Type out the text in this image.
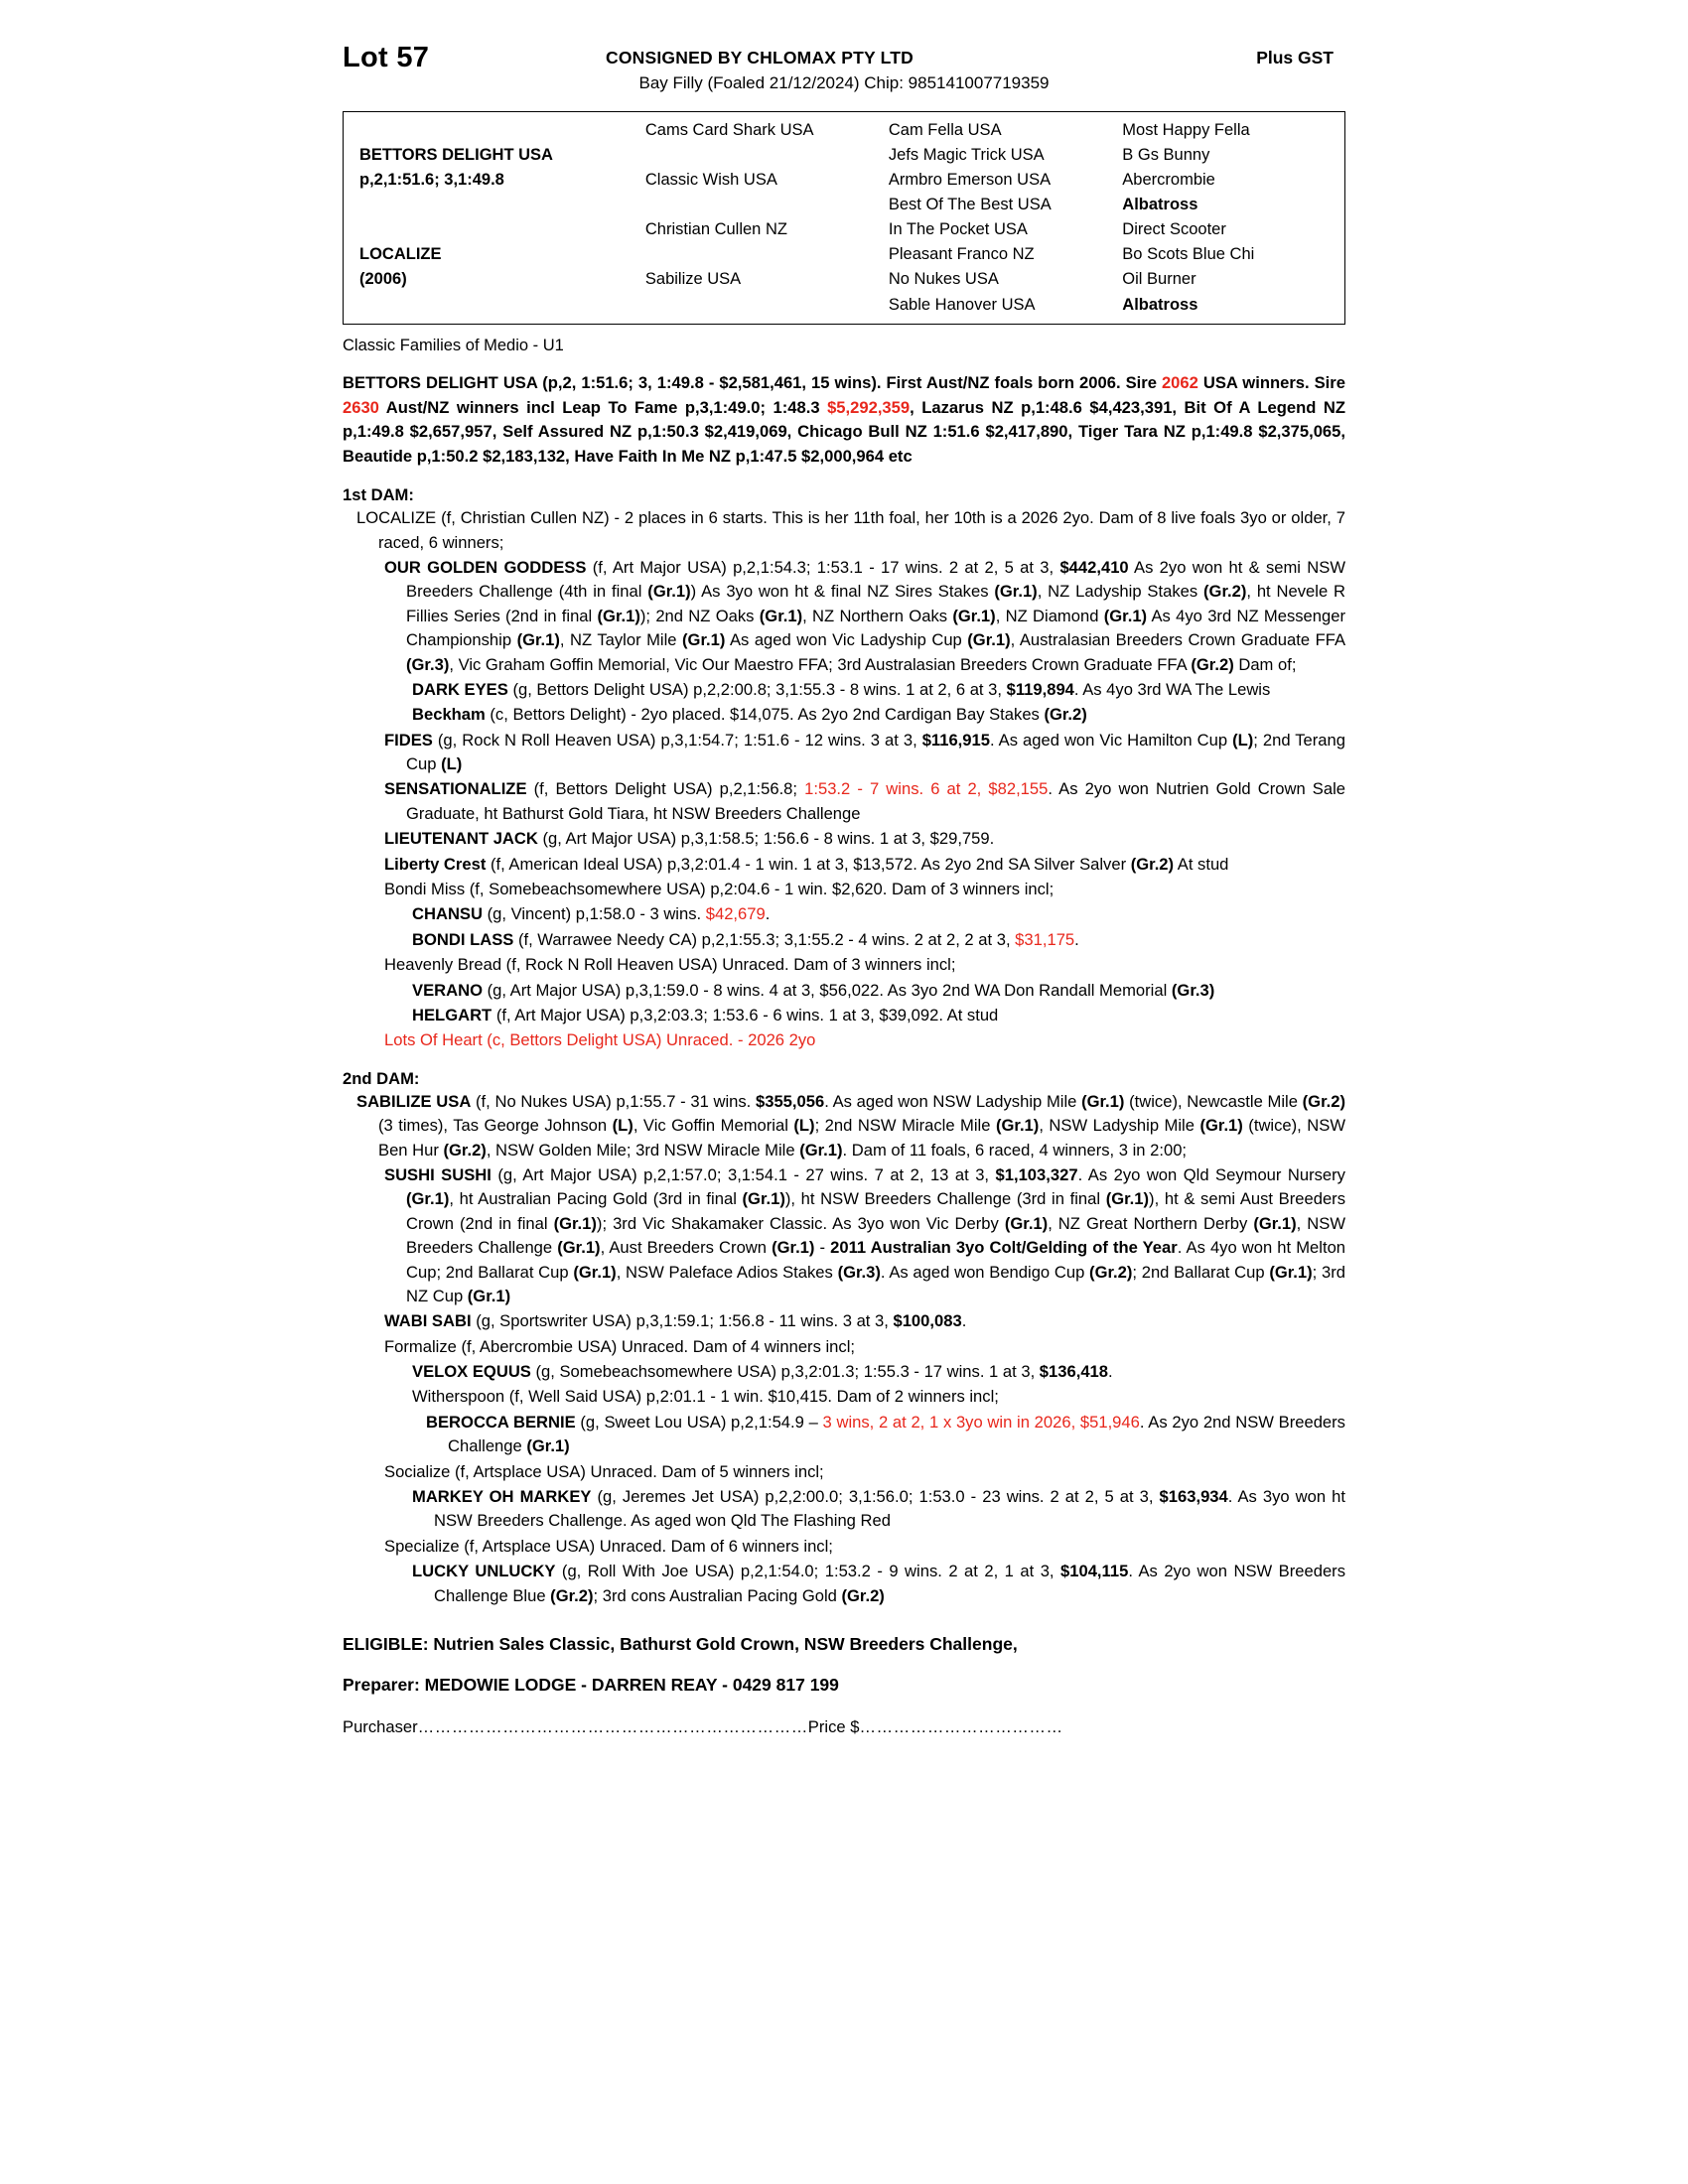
Lot 57	CONSIGNED BY CHLOMAX PTY LTD	Plus GST
Bay Filly (Foaled 21/12/2024) Chip: 985141007719359
	Cams Card Shark USA	Cam Fella USA	Most Happy Fella
BETTORS DELIGHT USA		Jefs Magic Trick USA	B Gs Bunny
p,2,1:51.6; 3,1:49.8	Classic Wish USA	Armbro Emerson USA	Abercrombie
		Best Of The Best USA	Albatross
	Christian Cullen NZ	In The Pocket USA	Direct Scooter
LOCALIZE		Pleasant Franco NZ	Bo Scots Blue Chi
(2006)	Sabilize USA	No Nukes USA	Oil Burner
		Sable Hanover USA	Albatross
Classic Families of Medio - U1
BETTORS DELIGHT USA (p,2, 1:51.6; 3, 1:49.8 - $2,581,461, 15 wins). First Aust/NZ foals born 2006. Sire 2062 USA winners. Sire 2630 Aust/NZ winners incl Leap To Fame p,3,1:49.0; 1:48.3 $5,292,359, Lazarus NZ p,1:48.6 $4,423,391, Bit Of A Legend NZ p,1:49.8 $2,657,957, Self Assured NZ p,1:50.3 $2,419,069, Chicago Bull NZ 1:51.6 $2,417,890, Tiger Tara NZ p,1:49.8 $2,375,065, Beautide p,1:50.2 $2,183,132, Have Faith In Me NZ p,1:47.5 $2,000,964 etc
1st DAM:
LOCALIZE (f, Christian Cullen NZ) - 2 places in 6 starts. This is her 11th foal, her 10th is a 2026 2yo. Dam of 8 live foals 3yo or older, 7 raced, 6 winners;
OUR GOLDEN GODDESS (f, Art Major USA) p,2,1:54.3; 1:53.1 - 17 wins. 2 at 2, 5 at 3, $442,410 As 2yo won ht & semi NSW Breeders Challenge (4th in final (Gr.1)) As 3yo won ht & final NZ Sires Stakes (Gr.1), NZ Ladyship Stakes (Gr.2), ht Nevele R Fillies Series (2nd in final (Gr.1)); 2nd NZ Oaks (Gr.1), NZ Northern Oaks (Gr.1), NZ Diamond (Gr.1) As 4yo 3rd NZ Messenger Championship (Gr.1), NZ Taylor Mile (Gr.1) As aged won Vic Ladyship Cup (Gr.1), Australasian Breeders Crown Graduate FFA (Gr.3), Vic Graham Goffin Memorial, Vic Our Maestro FFA; 3rd Australasian Breeders Crown Graduate FFA (Gr.2) Dam of;
DARK EYES (g, Bettors Delight USA) p,2,2:00.8; 3,1:55.3 - 8 wins. 1 at 2, 6 at 3, $119,894. As 4yo 3rd WA The Lewis
Beckham (c, Bettors Delight) - 2yo placed. $14,075. As 2yo 2nd Cardigan Bay Stakes (Gr.2)
FIDES (g, Rock N Roll Heaven USA) p,3,1:54.7; 1:51.6 - 12 wins. 3 at 3, $116,915. As aged won Vic Hamilton Cup (L); 2nd Terang Cup (L)
SENSATIONALIZE (f, Bettors Delight USA) p,2,1:56.8; 1:53.2 - 7 wins. 6 at 2, $82,155. As 2yo won Nutrien Gold Crown Sale Graduate, ht Bathurst Gold Tiara, ht NSW Breeders Challenge
LIEUTENANT JACK (g, Art Major USA) p,3,1:58.5; 1:56.6 - 8 wins. 1 at 3, $29,759.
Liberty Crest (f, American Ideal USA) p,3,2:01.4 - 1 win. 1 at 3, $13,572. As 2yo 2nd SA Silver Salver (Gr.2) At stud
Bondi Miss (f, Somebeachsomewhere USA) p,2:04.6 - 1 win. $2,620. Dam of 3 winners incl;
CHANSU (g, Vincent) p,1:58.0 - 3 wins. $42,679.
BONDI LASS (f, Warrawee Needy CA) p,2,1:55.3; 3,1:55.2 - 4 wins. 2 at 2, 2 at 3, $31,175.
Heavenly Bread (f, Rock N Roll Heaven USA) Unraced. Dam of 3 winners incl;
VERANO (g, Art Major USA) p,3,1:59.0 - 8 wins. 4 at 3, $56,022. As 3yo 2nd WA Don Randall Memorial (Gr.3)
HELGART (f, Art Major USA) p,3,2:03.3; 1:53.6 - 6 wins. 1 at 3, $39,092. At stud
Lots Of Heart (c, Bettors Delight USA) Unraced. - 2026 2yo
2nd DAM:
SABILIZE USA (f, No Nukes USA) p,1:55.7 - 31 wins. $355,056. As aged won NSW Ladyship Mile (Gr.1) (twice), Newcastle Mile (Gr.2) (3 times), Tas George Johnson (L), Vic Goffin Memorial (L); 2nd NSW Miracle Mile (Gr.1), NSW Ladyship Mile (Gr.1) (twice), NSW Ben Hur (Gr.2), NSW Golden Mile; 3rd NSW Miracle Mile (Gr.1). Dam of 11 foals, 6 raced, 4 winners, 3 in 2:00;
SUSHI SUSHI (g, Art Major USA) p,2,1:57.0; 3,1:54.1 - 27 wins. 7 at 2, 13 at 3, $1,103,327. As 2yo won Qld Seymour Nursery (Gr.1), ht Australian Pacing Gold (3rd in final (Gr.1)), ht NSW Breeders Challenge (3rd in final (Gr.1)), ht & semi Aust Breeders Crown (2nd in final (Gr.1)); 3rd Vic Shakamaker Classic. As 3yo won Vic Derby (Gr.1), NZ Great Northern Derby (Gr.1), NSW Breeders Challenge (Gr.1), Aust Breeders Crown (Gr.1) - 2011 Australian 3yo Colt/Gelding of the Year. As 4yo won ht Melton Cup; 2nd Ballarat Cup (Gr.1), NSW Paleface Adios Stakes (Gr.3). As aged won Bendigo Cup (Gr.2); 2nd Ballarat Cup (Gr.1); 3rd NZ Cup (Gr.1)
WABI SABI (g, Sportswriter USA) p,3,1:59.1; 1:56.8 - 11 wins. 3 at 3, $100,083.
Formalize (f, Abercrombie USA) Unraced. Dam of 4 winners incl;
VELOX EQUUS (g, Somebeachsomewhere USA) p,3,2:01.3; 1:55.3 - 17 wins. 1 at 3, $136,418.
Witherspoon (f, Well Said USA) p,2:01.1 - 1 win. $10,415. Dam of 2 winners incl;
BEROCCA BERNIE (g, Sweet Lou USA) p,2,1:54.9 – 3 wins, 2 at 2, 1 x 3yo win in 2026, $51,946. As 2yo 2nd NSW Breeders Challenge (Gr.1)
Socialize (f, Artsplace USA) Unraced. Dam of 5 winners incl;
MARKEY OH MARKEY (g, Jeremes Jet USA) p,2,2:00.0; 3,1:56.0; 1:53.0 - 23 wins. 2 at 2, 5 at 3, $163,934. As 3yo won ht NSW Breeders Challenge. As aged won Qld The Flashing Red
Specialize (f, Artsplace USA) Unraced. Dam of 6 winners incl;
LUCKY UNLUCKY (g, Roll With Joe USA) p,2,1:54.0; 1:53.2 - 9 wins. 2 at 2, 1 at 3, $104,115. As 2yo won NSW Breeders Challenge Blue (Gr.2); 3rd cons Australian Pacing Gold (Gr.2)
ELIGIBLE: Nutrien Sales Classic, Bathurst Gold Crown, NSW Breeders Challenge,
Preparer: MEDOWIE LODGE - DARREN REAY - 0429 817 199
Purchaser……………………………………………………………Price $………………………………
